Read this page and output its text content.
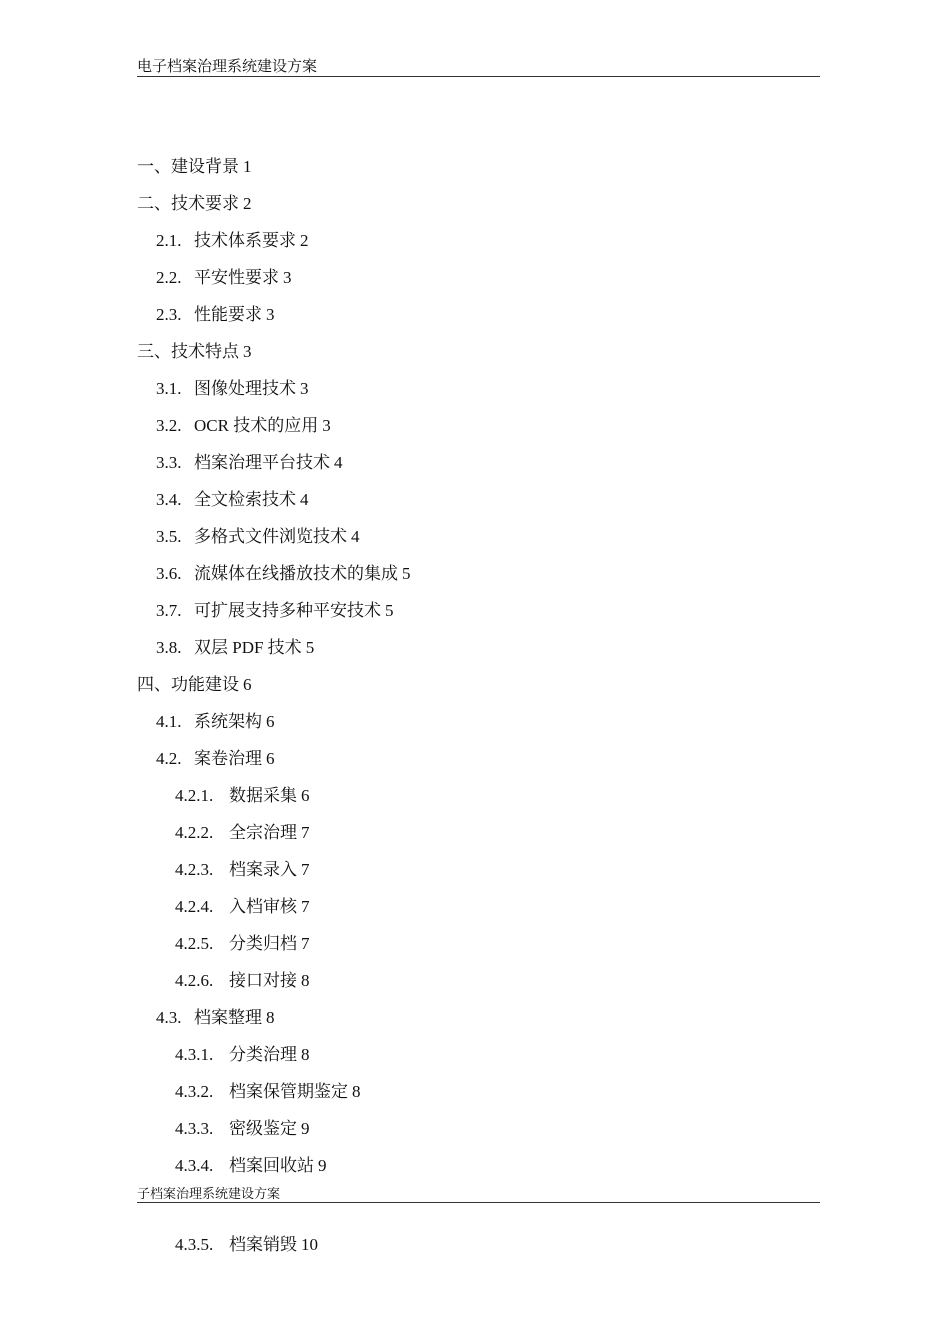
电子档案治理系统建设方案
一、 建设背景 1
二、 技术要求 2
2.1. 技术体系要求 2
2.2. 平安性要求 3
2.3. 性能要求 3
三、 技术特点 3
3.1. 图像处理技术 3
3.2. OCR 技术的应用 3
3.3. 档案治理平台技术 4
3.4. 全文检索技术 4
3.5. 多格式文件浏览技术 4
3.6. 流媒体在线播放技术的集成 5
3.7. 可扩展支持多种平安技术 5
3.8. 双层 PDF 技术 5
四、 功能建设 6
4.1. 系统架构 6
4.2. 案卷治理 6
4.2.1. 数据采集 6
4.2.2. 全宗治理 7
4.2.3. 档案录入 7
4.2.4. 入档审核 7
4.2.5. 分类归档 7
4.2.6. 接口对接 8
4.3. 档案整理 8
4.3.1. 分类治理 8
4.3.2. 档案保管期鉴定 8
4.3.3. 密级鉴定 9
4.3.4. 档案回收站 9
子档案治理系统建设方案
4.3.5. 档案销毁 10
